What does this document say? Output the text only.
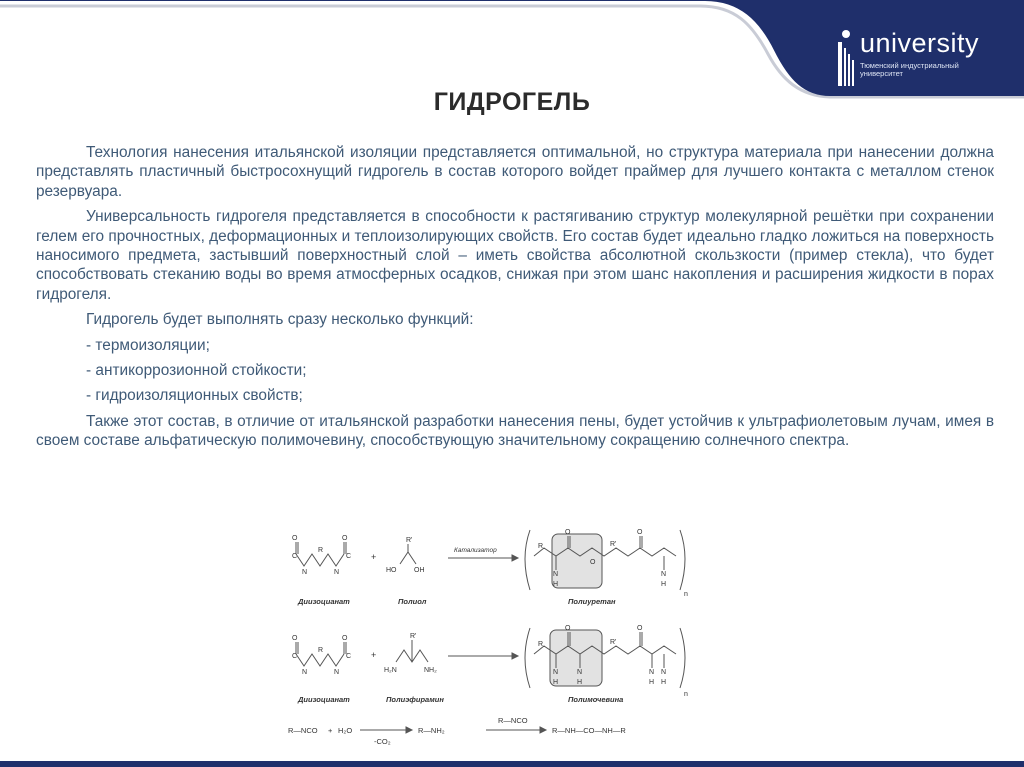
university
Тюменский индустриальный университет
ГИДРОГЕЛЬ

Технология нанесения итальянской изоляции представляется оптимальной, но структура материала при нанесении должна представлять пластичный быстросохнущий гидрогель в состав которого войдет праймер для лучшего контакта с металлом стенок резервуара.

Универсальность гидрогеля представляется в способности к растягиванию структур молекулярной решётки при сохранении гелем его прочностных, деформационных и теплоизолирующих свойств. Его состав будет идеально гладко ложиться на поверхность наносимого предмета, застывший поверхностный слой – иметь свойства абсолютной скользкости (пример стекла), что будет способствовать стеканию воды во время атмосферных осадков, снижая при этом шанс накопления и расширения жидкости в порах гидрогеля.

Гидрогель будет выполнять сразу несколько функций:

- термоизоляции;

- антикоррозионной стойкости;

- гидроизоляционных свойств;

Также этот состав, в отличие от итальянской разработки нанесения пены, будет устойчив к ультрафиолетовым лучам, имея в своем составе альфатическую полимочевину, способствующую значительному сокращению солнечного спектра.

O	O
C	C
N	N
R
+
R'
HO	OH
Катализатор
R
O	O
N
H
N
H
O
R'
n
O	O
C	C
N	N
R	+
R'
H₂N	NH₂
R
O	O
N
H
N
H
N
H
N
H
R'
n
Диизоцианат	Полиол	Полиуретан
Диизоцианат	Полиэфирамин	Полимочевина
R—NCO + H₂O
-CO₂
R—NH₂
R—NCO
R—NH—CO—NH—R
